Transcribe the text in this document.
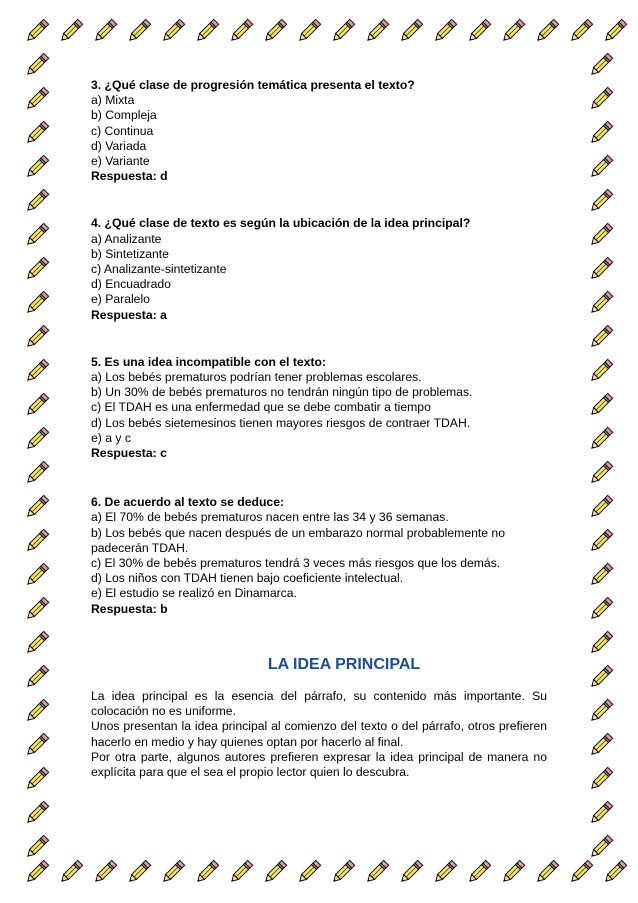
3. ¿Qué clase de progresión temática presenta el texto?

a) Mixta

b) Compleja

c) Continua

d) Variada

e) Variante

Respuesta: d

4. ¿Qué clase de texto es según la ubicación de la idea principal?

a) Analizante

b) Sintetizante

c) Analizante-sintetizante

d) Encuadrado

e) Paralelo

Respuesta: a

5. Es una idea incompatible con el texto:

a) Los bebés prematuros podrían tener problemas escolares.

b) Un 30% de bebés prematuros no tendrán ningún tipo de problemas.

c) El TDAH es una enfermedad que se debe combatir a tiempo

d) Los bebés sietemesinos tienen mayores riesgos de contraer TDAH.

e) a y c

Respuesta: c

6. De acuerdo al texto se deduce:

a) El 70% de bebés prematuros nacen entre las 34 y 36 semanas.

b) Los bebés que nacen después de un embarazo normal probablemente no padecerán TDAH.

c) El 30% de bebés prematuros tendrá 3 veces más riesgos que los demás.

d) Los niños con TDAH tienen bajo coeficiente intelectual.

e) El estudio se realizó en Dinamarca.

Respuesta: b

LA IDEA PRINCIPAL

La idea principal es la esencia del párrafo, su contenido más importante. Su colocación no es uniforme.

Unos presentan la idea principal al comienzo del texto o del párrafo, otros prefieren hacerlo en medio y hay quienes optan por hacerlo al final.

Por otra parte, algunos autores prefieren expresar la idea principal de manera no explícita para que el sea el propio lector quien lo descubra.
